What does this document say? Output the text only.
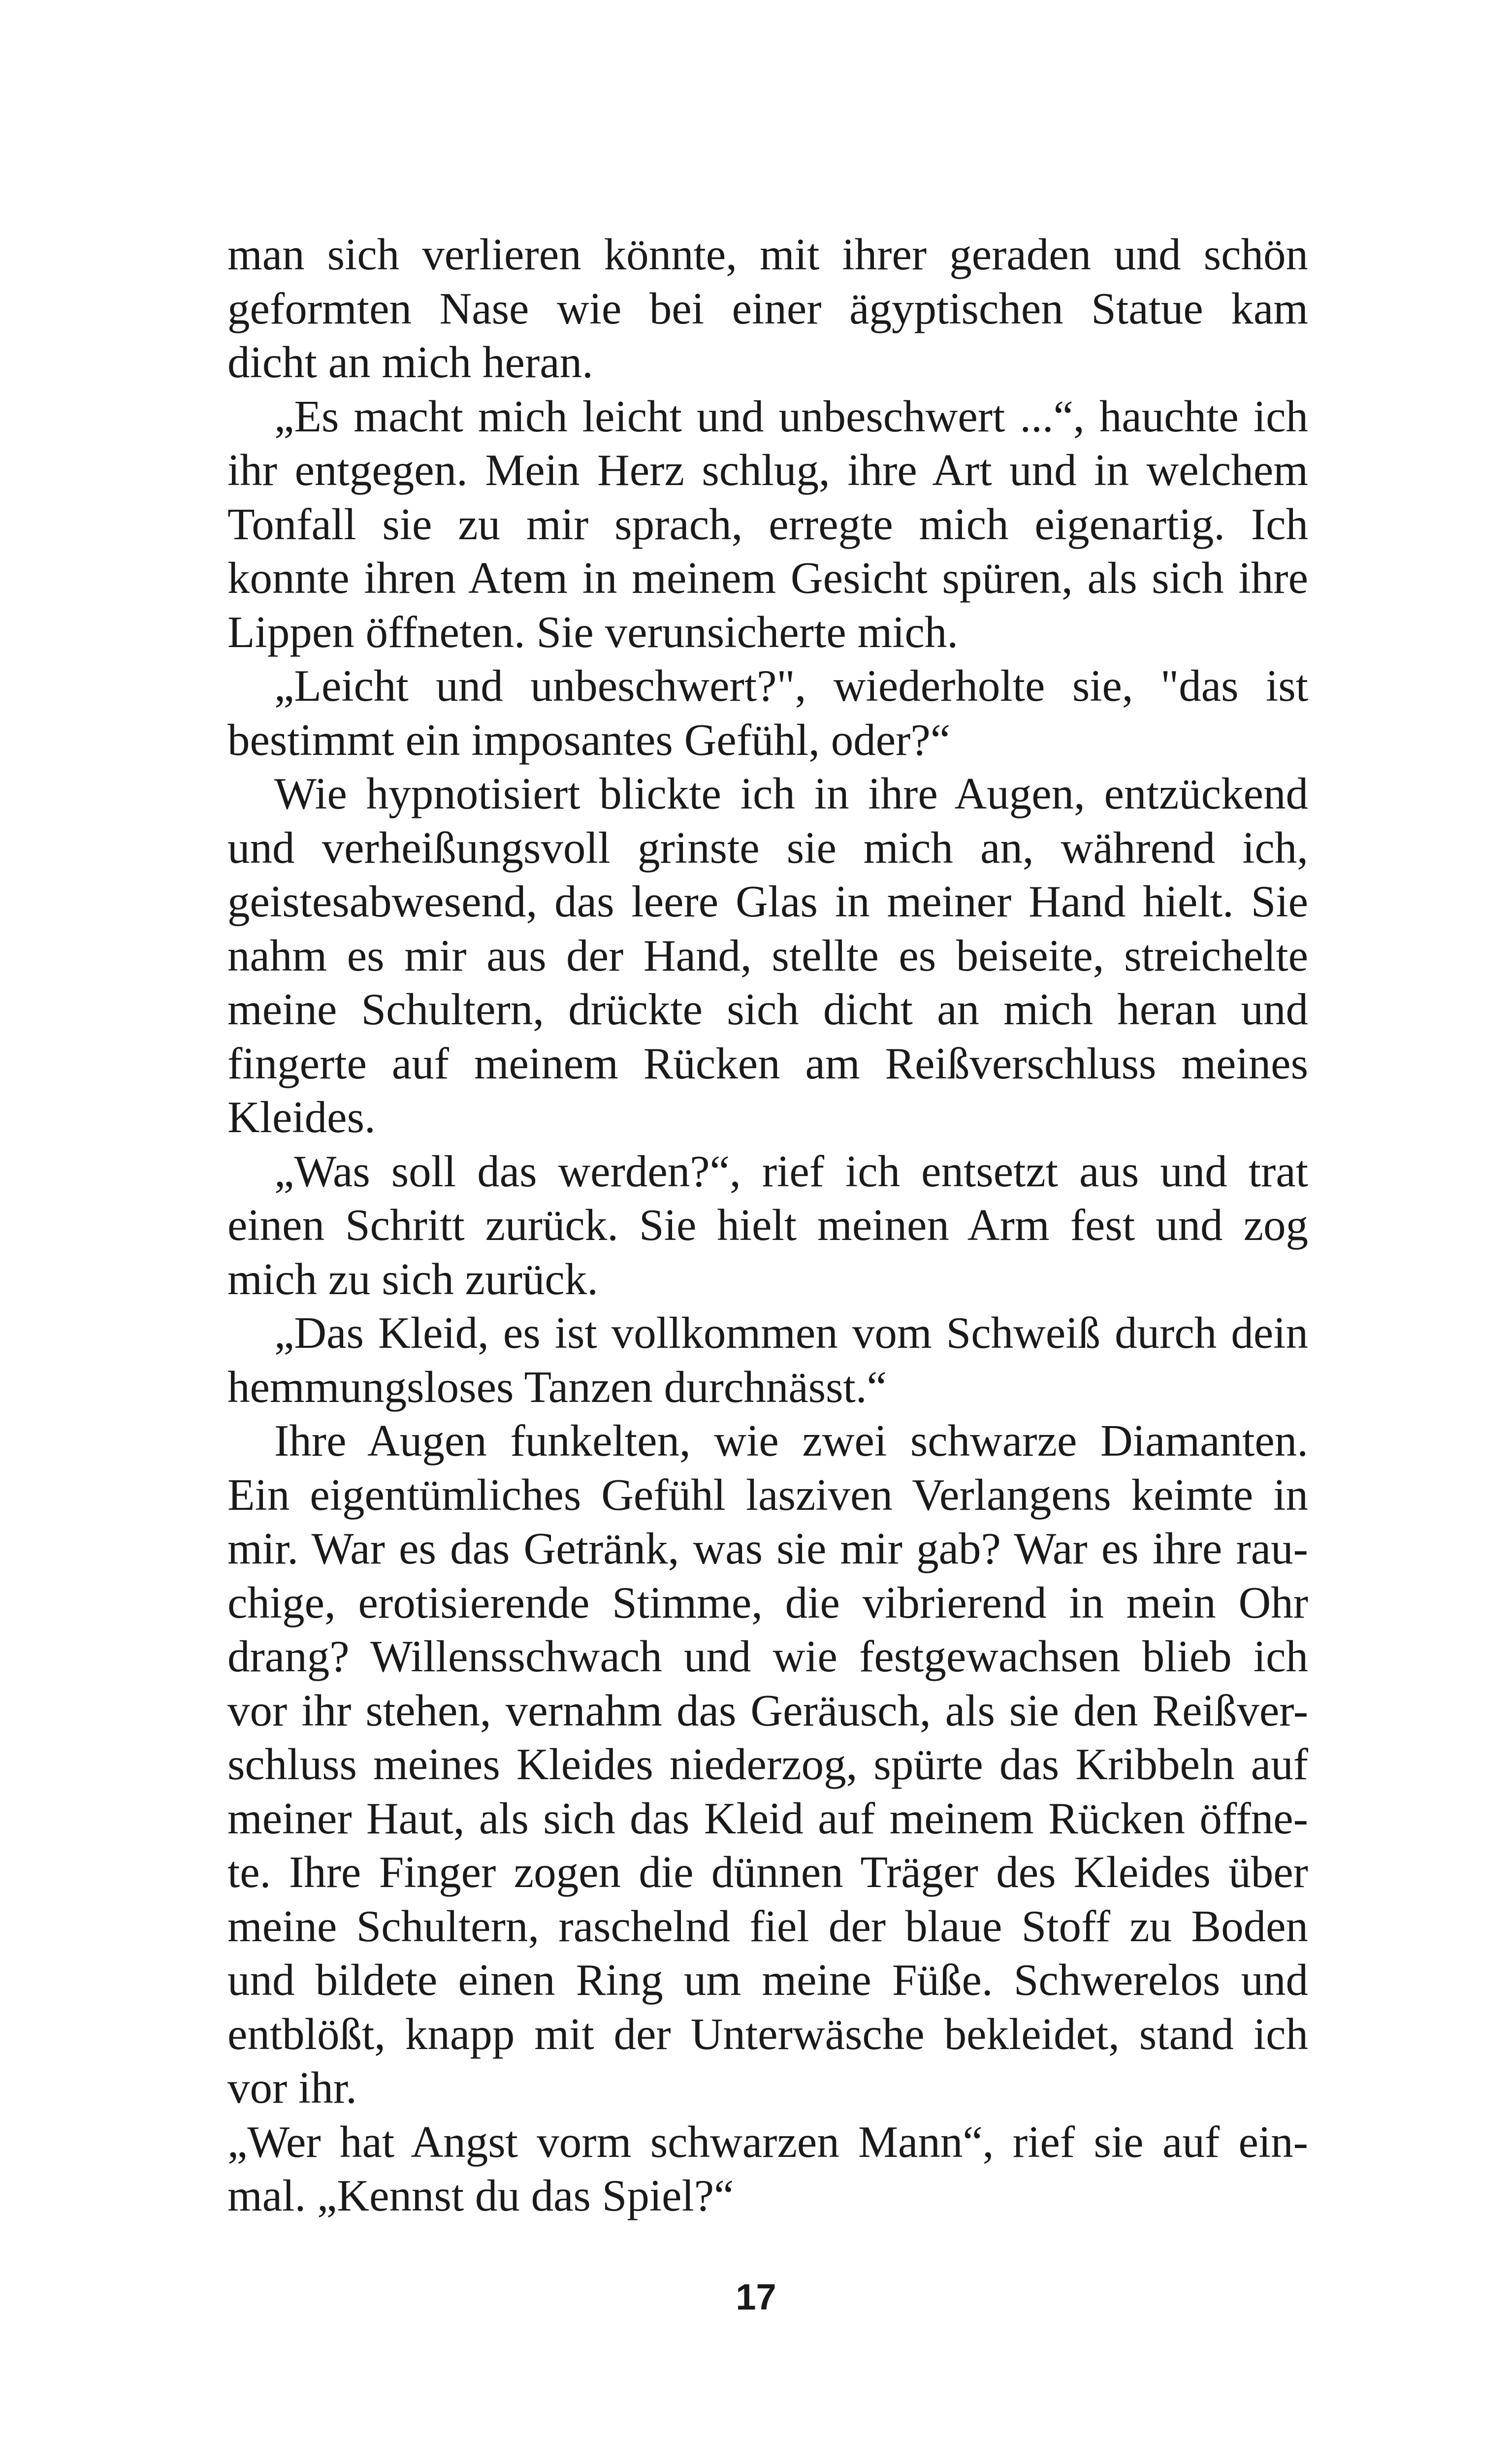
man sich verlieren könnte, mit ihrer geraden und schön
geformten Nase wie bei einer ägyptischen Statue kam
dicht an mich heran.
„Es macht mich leicht und unbeschwert ...“, hauchte ich
ihr entgegen. Mein Herz schlug, ihre Art und in welchem
Tonfall sie zu mir sprach, erregte mich eigenartig. Ich
konnte ihren Atem in meinem Gesicht spüren, als sich ihre
Lippen öffneten. Sie verunsicherte mich.
„Leicht und unbeschwert?", wiederholte sie, "das ist
bestimmt ein imposantes Gefühl, oder?“
Wie hypnotisiert blickte ich in ihre Augen, entzückend
und verheißungsvoll grinste sie mich an, während ich,
geistesabwesend, das leere Glas in meiner Hand hielt. Sie
nahm es mir aus der Hand, stellte es beiseite, streichelte
meine Schultern, drückte sich dicht an mich heran und
fingerte auf meinem Rücken am Reißverschluss meines
Kleides.
„Was soll das werden?“, rief ich entsetzt aus und trat
einen Schritt zurück. Sie hielt meinen Arm fest und zog
mich zu sich zurück.
„Das Kleid, es ist vollkommen vom Schweiß durch dein
hemmungsloses Tanzen durchnässt.“
Ihre Augen funkelten, wie zwei schwarze Diamanten.
Ein eigentümliches Gefühl lasziven Verlangens keimte in
mir. War es das Getränk, was sie mir gab? War es ihre rau-
chige, erotisierende Stimme, die vibrierend in mein Ohr
drang? Willensschwach und wie festgewachsen blieb ich
vor ihr stehen, vernahm das Geräusch, als sie den Reißver-
schluss meines Kleides niederzog, spürte das Kribbeln auf
meiner Haut, als sich das Kleid auf meinem Rücken öffne-
te. Ihre Finger zogen die dünnen Träger des Kleides über
meine Schultern, raschelnd fiel der blaue Stoff zu Boden
und bildete einen Ring um meine Füße. Schwerelos und
entblößt, knapp mit der Unterwäsche bekleidet, stand ich
vor ihr.
„Wer hat Angst vorm schwarzen Mann“, rief sie auf ein-
mal. „Kennst du das Spiel?“
17
